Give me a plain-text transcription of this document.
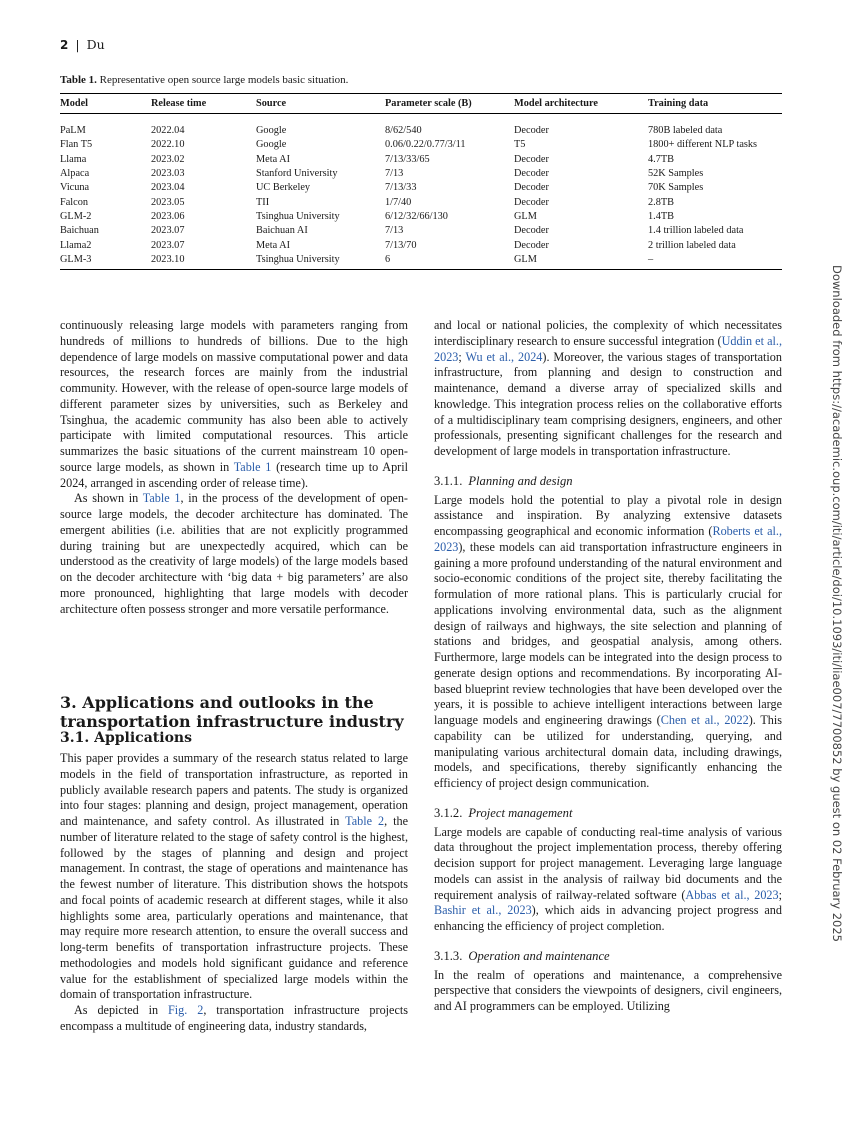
2 | Du
Table 1. Representative open source large models basic situation.
Model	Release time	Source	Parameter scale (B)	Model architecture	Training data
PaLM	2022.04	Google	8/62/540	Decoder	780B labeled data
Flan T5	2022.10	Google	0.06/0.22/0.77/3/11	T5	1800+ different NLP tasks
Llama	2023.02	Meta AI	7/13/33/65	Decoder	4.7TB
Alpaca	2023.03	Stanford University	7/13	Decoder	52K Samples
Vicuna	2023.04	UC Berkeley	7/13/33	Decoder	70K Samples
Falcon	2023.05	TII	1/7/40	Decoder	2.8TB
GLM-2	2023.06	Tsinghua University	6/12/32/66/130	GLM	1.4TB
Baichuan	2023.07	Baichuan AI	7/13	Decoder	1.4 trillion labeled data
Llama2	2023.07	Meta AI	7/13/70	Decoder	2 trillion labeled data
GLM-3	2023.10	Tsinghua University	6	GLM	–
Downloaded from https://academic.oup.com/iti/article/doi/10.1093/iti/liae007/7700852 by guest on 02 February 2025

continuously releasing large models with parameters ranging from hundreds of millions to hundreds of billions. Due to the high dependence of large models on massive computational power and data resources, the research forces are mainly from the industrial community. However, with the release of open-source large models of different parameter sizes by universities, such as Berkeley and Tsinghua, the academic community has also been able to actively participate with limited computational resources. This article summarizes the basic situations of the current mainstream 10 open-source large models, as shown in Table 1 (research time up to April 2024, arranged in ascending order of release time).

As shown in Table 1, in the process of the development of open-source large models, the decoder architecture has dominated. The emergent abilities (i.e. abilities that are not explicitly programmed during training but are unexpectedly acquired, which can be understood as the creativity of large models) of the large models based on the decoder architecture with ‘big data + big parameters’ are also more pronounced, highlighting that large models with decoder architecture often possess stronger and more versatile performance.

3. Applications and outlooks in the transportation infrastructure industry
3.1. Applications

This paper provides a summary of the research status related to large models in the field of transportation infrastructure, as reported in publicly available research papers and patents. The study is organized into four stages: planning and design, project management, operation and maintenance, and safety control. As illustrated in Table 2, the number of literature related to the stage of safety control is the highest, followed by the stages of planning and design and project management. In contrast, the stage of operations and maintenance has the fewest number of literature. This distribution shows the hotspots and focal points of academic research at different stages, while it also highlights some area, particularly operations and maintenance, that may require more research attention, to ensure the overall success and long-term benefits of transportation infrastructure projects. These methodologies and models hold significant guidance and reference value for the establishment of specialized large models within the domain of transportation infrastructure.

As depicted in Fig. 2, transportation infrastructure projects encompass a multitude of engineering data, industry standards,

and local or national policies, the complexity of which necessitates interdisciplinary research to ensure successful integration (Uddin et al., 2023; Wu et al., 2024). Moreover, the various stages of transportation infrastructure, from planning and design to construction and maintenance, demand a diverse array of specialized skills and knowledge. This integration process relies on the collaborative efforts of a multidisciplinary team comprising designers, engineers, and other professionals, presenting significant challenges for the research and development of large models in transportation infrastructure.

3.1.1. Planning and design

Large models hold the potential to play a pivotal role in design assistance and inspiration. By analyzing extensive datasets encompassing geographical and economic information (Roberts et al., 2023), these models can aid transportation infrastructure engineers in gaining a more profound understanding of the natural environment and socio-economic conditions of the project site, thereby facilitating the formulation of more rational plans. This is particularly crucial for applications involving environmental data, such as the alignment design of railways and highways, the site selection and planning of stations and bridges, and geospatial analysis, among others. Furthermore, large models can be integrated into the design process to generate design options and recommendations. By incorporating AI-based blueprint review technologies that have been developed over the years, it is possible to achieve intelligent interactions between large language models and engineering drawings (Chen et al., 2022). This capability can be utilized for understanding, querying, and manipulating various architectural domain data, including drawings, models, and specifications, thereby significantly enhancing the efficiency of project design communication.

3.1.2. Project management

Large models are capable of conducting real-time analysis of various data throughout the project implementation process, thereby offering decision support for project management. Leveraging large language models can assist in the analysis of railway bid documents and the requirement analysis of railway-related software (Abbas et al., 2023; Bashir et al., 2023), which aids in advancing project progress and enhancing the efficiency of project completion.

3.1.3. Operation and maintenance

In the realm of operations and maintenance, a comprehensive perspective that considers the viewpoints of designers, civil engineers, and AI programmers can be employed. Utilizing
